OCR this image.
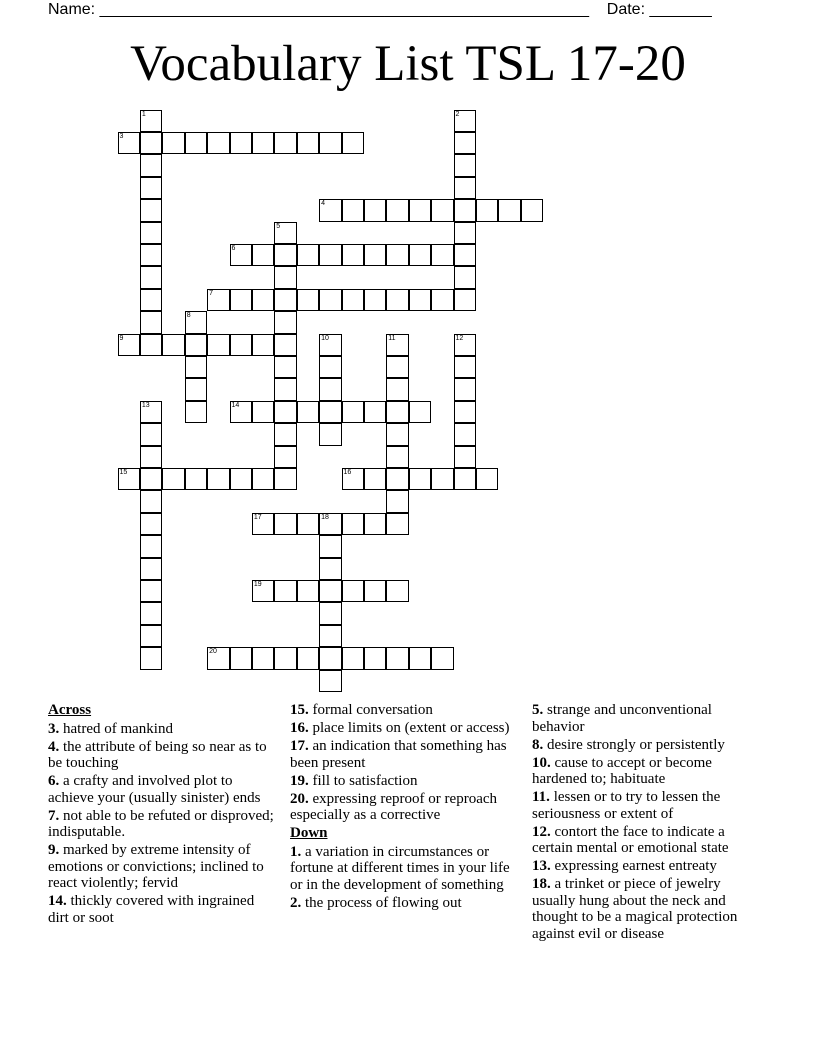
Name: _______________________________________________________ Date: _______
Vocabulary List TSL 17-20
1	2
3
4
5
6
7
8
9	10	11	12
13	14
15	16
17	18
19
20
Across
3. hatred of mankind
4. the attribute of being so near as to be touching
6. a crafty and involved plot to achieve your (usually sinister) ends
7. not able to be refuted or disproved; indisputable.
9. marked by extreme intensity of emotions or convictions; inclined to react violently; fervid
14. thickly covered with ingrained dirt or soot
15. formal conversation
16. place limits on (extent or access)
17. an indication that something has been present
19. fill to satisfaction
20. expressing reproof or reproach especially as a corrective
Down
1. a variation in circumstances or fortune at different times in your life or in the development of something
2. the process of flowing out
5. strange and unconventional behavior
8. desire strongly or persistently
10. cause to accept or become hardened to; habituate
11. lessen or to try to lessen the seriousness or extent of
12. contort the face to indicate a certain mental or emotional state
13. expressing earnest entreaty
18. a trinket or piece of jewelry usually hung about the neck and thought to be a magical protection against evil or disease
